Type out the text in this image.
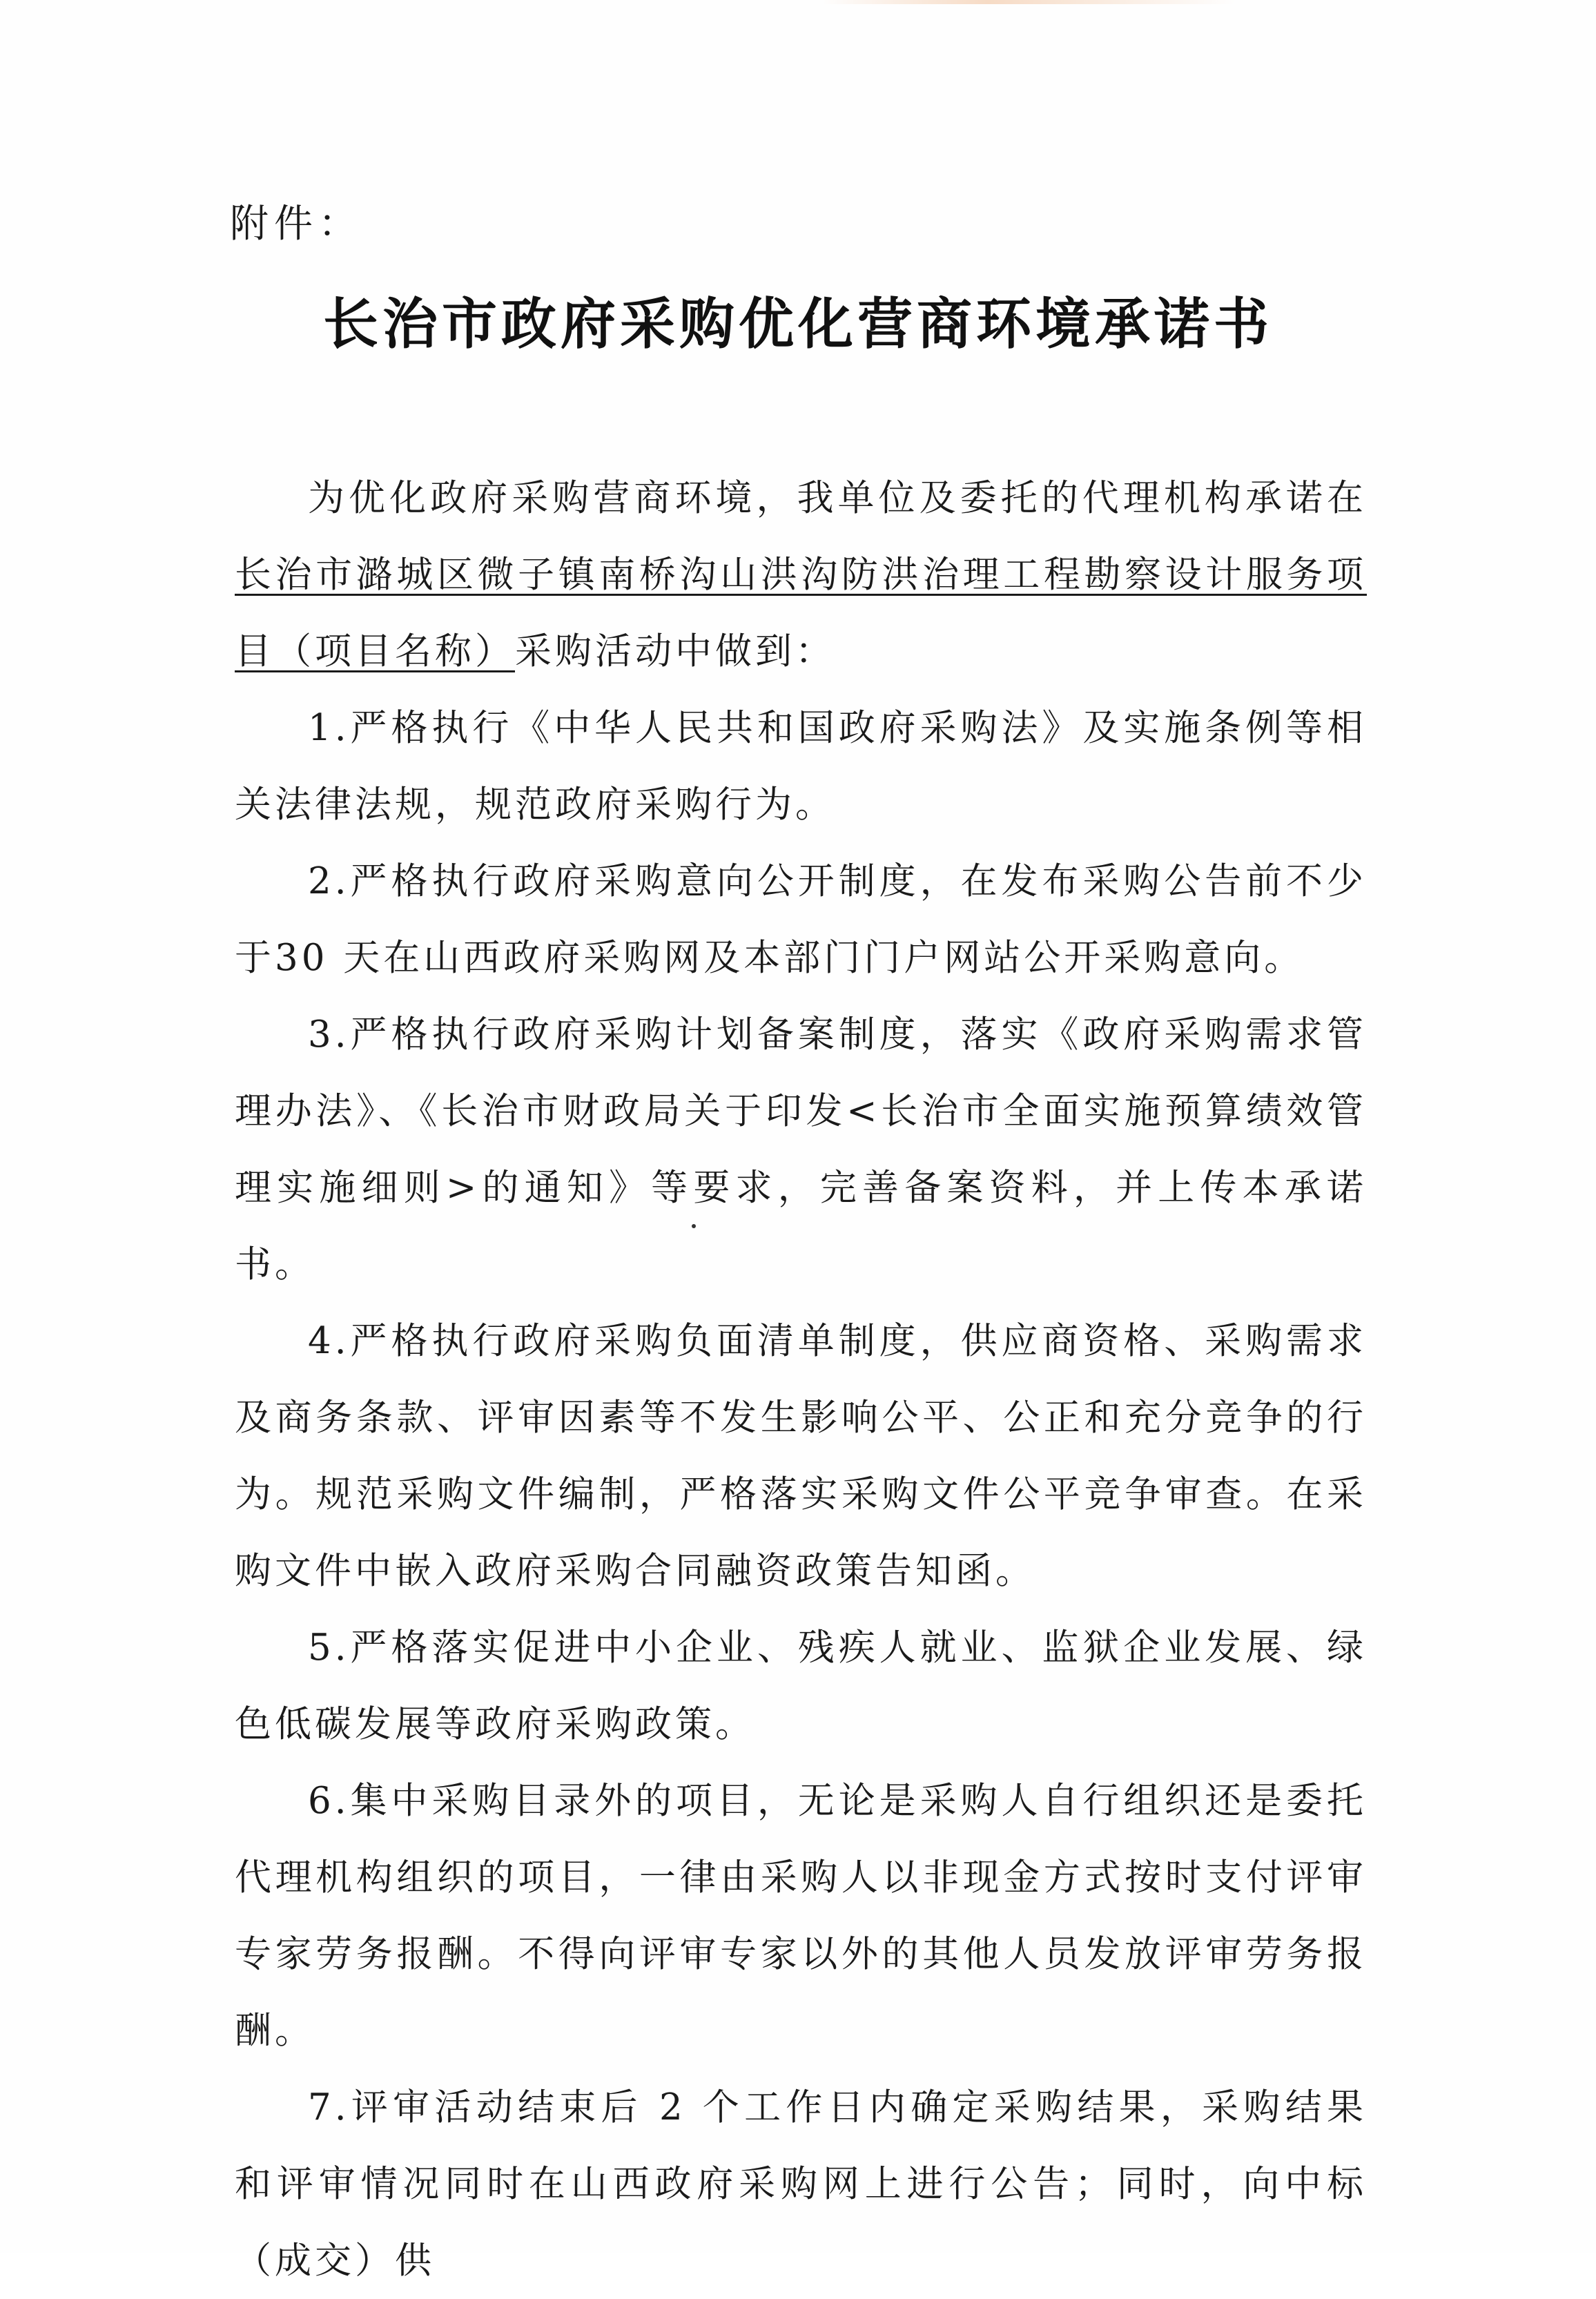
附件：
长治市政府采购优化营商环境承诺书

为优化政府采购营商环境，我单位及委托的代理机构承诺在长治市潞城区微子镇南桥沟山洪沟防洪治理工程勘察设计服务项目（项目名称）采购活动中做到：

1.严格执行《中华人民共和国政府采购法》及实施条例等相关法律法规，规范政府采购行为。

2.严格执行政府采购意向公开制度，在发布采购公告前不少于30 天在山西政府采购网及本部门门户网站公开采购意向。

3.严格执行政府采购计划备案制度，落实《政府采购需求管理办法》、《长治市财政局关于印发<长治市全面实施预算绩效管理实施细则>的通知》等要求，完善备案资料，并上传本承诺书。

4.严格执行政府采购负面清单制度，供应商资格、采购需求及商务条款、评审因素等不发生影响公平、公正和充分竞争的行为。规范采购文件编制，严格落实采购文件公平竞争审查。在采购文件中嵌入政府采购合同融资政策告知函。

5.严格落实促进中小企业、残疾人就业、监狱企业发展、绿色低碳发展等政府采购政策。

6.集中采购目录外的项目，无论是采购人自行组织还是委托代理机构组织的项目，一律由采购人以非现金方式按时支付评审专家劳务报酬。不得向评审专家以外的其他人员发放评审劳务报酬。

7.评审活动结束后 2 个工作日内确定采购结果，采购结果和评审情况同时在山西政府采购网上进行公告；同时，向中标（成交）供
